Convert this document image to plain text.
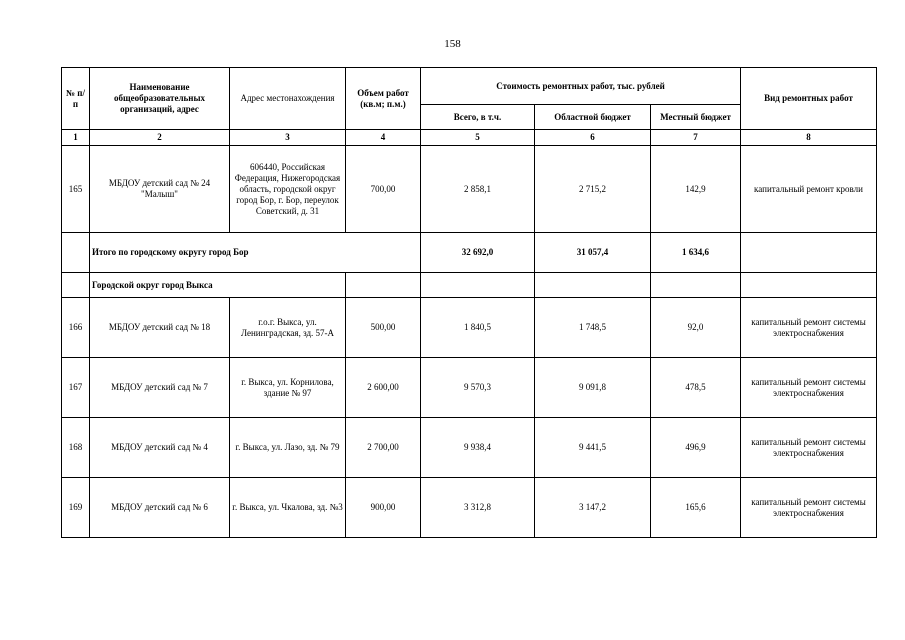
158
№ п/п	Наименование общеобразовательных организаций, адрес	Адрес местонахождения	Объем работ (кв.м; п.м.)	Стоимость ремонтных работ, тыс. рублей			Вид ремонтных работ
				Всего, в т.ч.	Областной бюджет	Местный бюджет	
1	2	3	4	5	6	7	8
165	МБДОУ детский сад № 24 "Малыш"	606440, Российская Федерация, Нижегородская область, городской округ город Бор, г. Бор, переулок Советский, д. 31	700,00	2 858,1	2 715,2	142,9	капитальный ремонт кровли
	Итого по городскому округу город Бор			32 692,0	31 057,4	1 634,6	
	Городской округ город Выкса						
166	МБДОУ детский сад № 18	г.о.г. Выкса, ул. Ленинградская, зд. 57-А	500,00	1 840,5	1 748,5	92,0	капитальный ремонт системы электроснабжения
167	МБДОУ детский сад № 7	г. Выкса, ул. Корнилова, здание № 97	2 600,00	9 570,3	9 091,8	478,5	капитальный ремонт системы электроснабжения
168	МБДОУ детский сад № 4	г. Выкса, ул. Лазо, зд. № 79	2 700,00	9 938,4	9 441,5	496,9	капитальный ремонт системы электроснабжения
169	МБДОУ детский сад № 6	г. Выкса, ул. Чкалова, зд. №3	900,00	3 312,8	3 147,2	165,6	капитальный ремонт системы электроснабжения
